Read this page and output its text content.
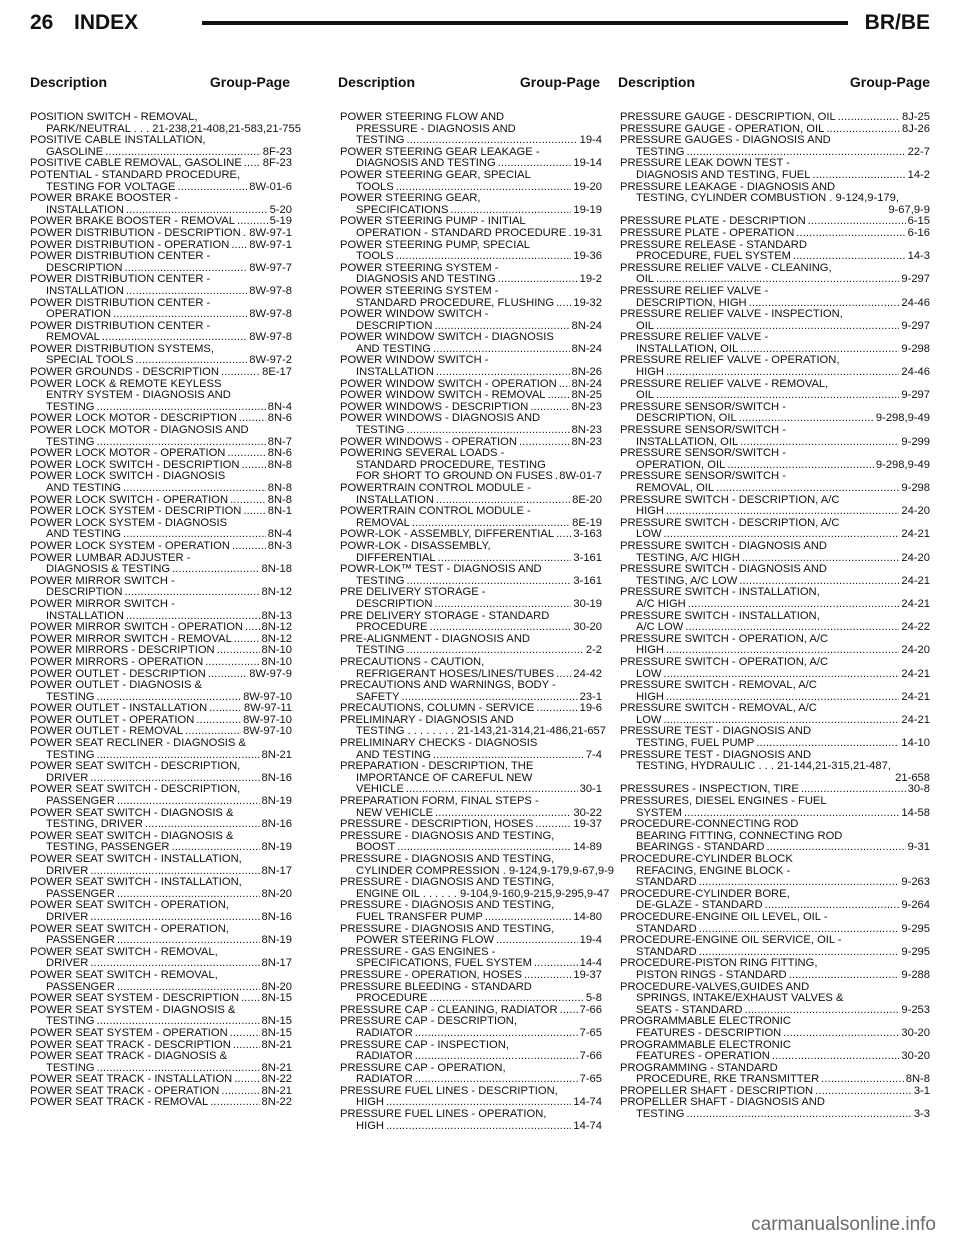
26 INDEX	BR/BE
Description	Group-Page	Description	Group-Page Description	Group-Page
POSITION SWITCH - REMOVAL,
PARK/NEUTRAL . . . 21-238,21-408,21-583,21-755
POSITIVE CABLE INSTALLATION,
GASOLINE . . .	8F-23
POSITIVE CABLE REMOVAL, GASOLINE . . . 8F-23
POTENTIAL - STANDARD PROCEDURE,
TESTING FOR VOLTAGE . . .	8W-01-6
POWER BRAKE BOOSTER -
INSTALLATION . . .	5-20
POWER BRAKE BOOSTER - REMOVAL . . .	5-19
POWER DISTRIBUTION - DESCRIPTION . . . 8W-97-1
POWER DISTRIBUTION - OPERATION . . . 8W-97-1
POWER DISTRIBUTION CENTER -
DESCRIPTION . . .	8W-97-7
POWER DISTRIBUTION CENTER -
INSTALLATION . . .	8W-97-8
POWER DISTRIBUTION CENTER -
OPERATION . . .	8W-97-8
POWER DISTRIBUTION CENTER -
REMOVAL . . .	8W-97-8
POWER DISTRIBUTION SYSTEMS,
SPECIAL TOOLS . . .	8W-97-2
POWER GROUNDS - DESCRIPTION . . .	8E-17
POWER LOCK & REMOTE KEYLESS
ENTRY SYSTEM - DIAGNOSIS AND
TESTING . . .	8N-4
POWER LOCK MOTOR - DESCRIPTION . . .	8N-6
POWER LOCK MOTOR - DIAGNOSIS AND
TESTING . . .	8N-7
POWER LOCK MOTOR - OPERATION . . .	8N-6
POWER LOCK SWITCH - DESCRIPTION . . .	8N-8
POWER LOCK SWITCH - DIAGNOSIS
AND TESTING . . .	8N-8
POWER LOCK SWITCH - OPERATION . . .	8N-8
POWER LOCK SYSTEM - DESCRIPTION . . . 8N-1
POWER LOCK SYSTEM - DIAGNOSIS
AND TESTING . . .	8N-4
POWER LOCK SYSTEM - OPERATION . . .	8N-3
POWER LUMBAR ADJUSTER -
DIAGNOSIS & TESTING . . .	8N-18
POWER MIRROR SWITCH -
DESCRIPTION . . .	8N-12
POWER MIRROR SWITCH -
INSTALLATION . . .	8N-13
POWER MIRROR SWITCH - OPERATION . . . 8N-12
POWER MIRROR SWITCH - REMOVAL . . .	8N-12
POWER MIRRORS - DESCRIPTION . . .	8N-10
POWER MIRRORS - OPERATION . . .	8N-10
POWER OUTLET - DESCRIPTION . . .	8W-97-9
POWER OUTLET - DIAGNOSIS &
TESTING . . .	8W-97-10
POWER OUTLET - INSTALLATION . . .	8W-97-11
POWER OUTLET - OPERATION . . .	8W-97-10
POWER OUTLET - REMOVAL . . .	8W-97-10
POWER SEAT RECLINER - DIAGNOSIS &
TESTING . . .	8N-21
POWER SEAT SWITCH - DESCRIPTION,
DRIVER . . .	8N-16
POWER SEAT SWITCH - DESCRIPTION,
PASSENGER . . .	8N-19
POWER SEAT SWITCH - DIAGNOSIS &
TESTING, DRIVER . . .	8N-16
POWER SEAT SWITCH - DIAGNOSIS &
TESTING, PASSENGER . . .	8N-19
POWER SEAT SWITCH - INSTALLATION,
DRIVER . . .	8N-17
POWER SEAT SWITCH - INSTALLATION,
PASSENGER . . .	8N-20
POWER SEAT SWITCH - OPERATION,
DRIVER . . .	8N-16
POWER SEAT SWITCH - OPERATION,
PASSENGER . . .	8N-19
POWER SEAT SWITCH - REMOVAL,
DRIVER . . .	8N-17
POWER SEAT SWITCH - REMOVAL,
PASSENGER . . .	8N-20
POWER SEAT SYSTEM - DESCRIPTION . . . 8N-15
POWER SEAT SYSTEM - DIAGNOSIS &
TESTING . . .	8N-15
POWER SEAT SYSTEM - OPERATION . . .	8N-15
POWER SEAT TRACK - DESCRIPTION . . .	8N-21
POWER SEAT TRACK - DIAGNOSIS &
TESTING . . .	8N-21
POWER SEAT TRACK - INSTALLATION . . .	8N-22
POWER SEAT TRACK - OPERATION . . .	8N-21
POWER SEAT TRACK - REMOVAL . . .	8N-22
POWER STEERING FLOW AND
PRESSURE - DIAGNOSIS AND
TESTING . . .	19-4
POWER STEERING GEAR LEAKAGE -
DIAGNOSIS AND TESTING . . .	19-14
POWER STEERING GEAR, SPECIAL
TOOLS . . .	19-20
POWER STEERING GEAR,
SPECIFICATIONS . . .	19-19
POWER STEERING PUMP - INITIAL
OPERATION - STANDARD PROCEDURE . . . 19-31
POWER STEERING PUMP, SPECIAL
TOOLS . . .	19-36
POWER STEERING SYSTEM -
DIAGNOSIS AND TESTING . . .	19-2
POWER STEERING SYSTEM -
STANDARD PROCEDURE, FLUSHING . . . 19-32
POWER WINDOW SWITCH -
DESCRIPTION . . .	8N-24
POWER WINDOW SWITCH - DIAGNOSIS
AND TESTING . . .	8N-24
POWER WINDOW SWITCH -
INSTALLATION . . .	8N-26
POWER WINDOW SWITCH - OPERATION . . . 8N-24
POWER WINDOW SWITCH - REMOVAL . . . 8N-25
POWER WINDOWS - DESCRIPTION . . .	8N-23
POWER WINDOWS - DIAGNOSIS AND
TESTING . . .	8N-23
POWER WINDOWS - OPERATION . . .	8N-23
POWERING SEVERAL LOADS -
STANDARD PROCEDURE, TESTING
FOR SHORT TO GROUND ON FUSES . . . 8W-01-7
POWERTRAIN CONTROL MODULE -
INSTALLATION . . .	8E-20
POWERTRAIN CONTROL MODULE -
REMOVAL . . .	8E-19
POWR-LOK - ASSEMBLY, DIFFERENTIAL . . . 3-163
POWR-LOK - DISASSEMBLY,
DIFFERENTIAL . . .	3-161
POWR-LOK™ TEST - DIAGNOSIS AND
TESTING . . .	3-161
PRE DELIVERY STORAGE -
DESCRIPTION . . .	30-19
PRE DELIVERY STORAGE - STANDARD
PROCEDURE . . .	30-20
PRE-ALIGNMENT - DIAGNOSIS AND
TESTING . . .	2-2
PRECAUTIONS - CAUTION,
REFRIGERANT HOSES/LINES/TUBES . . . 24-42
PRECAUTIONS AND WARNINGS, BODY -
SAFETY . . .	23-1
PRECAUTIONS, COLUMN - SERVICE . . .	19-6
PRELIMINARY - DIAGNOSIS AND
TESTING . . . . . . . . 21-143,21-314,21-486,21-657
PRELIMINARY CHECKS - DIAGNOSIS
AND TESTING . . .	7-4
PREPARATION - DESCRIPTION, THE
IMPORTANCE OF CAREFUL NEW
VEHICLE . . .	30-1
PREPARATION FORM, FINAL STEPS -
NEW VEHICLE . . .	30-22
PRESSURE - DESCRIPTION, HOSES . . .	19-37
PRESSURE - DIAGNOSIS AND TESTING,
BOOST . . .	14-89
PRESSURE - DIAGNOSIS AND TESTING,
CYLINDER COMPRESSION . 9-124,9-179,9-67,9-9
PRESSURE - DIAGNOSIS AND TESTING,
ENGINE OIL . . . . . . 9-104,9-160,9-215,9-295,9-47
PRESSURE - DIAGNOSIS AND TESTING,
FUEL TRANSFER PUMP . . .	14-80
PRESSURE - DIAGNOSIS AND TESTING,
POWER STEERING FLOW . . .	19-4
PRESSURE - GAS ENGINES -
SPECIFICATIONS, FUEL SYSTEM . . .	14-4
PRESSURE - OPERATION, HOSES . . .	19-37
PRESSURE BLEEDING - STANDARD
PROCEDURE . . .	5-8
PRESSURE CAP - CLEANING, RADIATOR . . . 7-66
PRESSURE CAP - DESCRIPTION,
RADIATOR . . .	7-65
PRESSURE CAP - INSPECTION,
RADIATOR . . .	7-66
PRESSURE CAP - OPERATION,
RADIATOR . . .	7-65
PRESSURE FUEL LINES - DESCRIPTION,
HIGH . . .	14-74
PRESSURE FUEL LINES - OPERATION,
HIGH . . .	14-74
PRESSURE GAUGE - DESCRIPTION, OIL . . .	8J-25
PRESSURE GAUGE - OPERATION, OIL . . .	8J-26
PRESSURE GAUGES - DIAGNOSIS AND
TESTING . . .	22-7
PRESSURE LEAK DOWN TEST -
DIAGNOSIS AND TESTING, FUEL . . .	14-2
PRESSURE LEAKAGE - DIAGNOSIS AND
TESTING, CYLINDER COMBUSTION . 9-124,9-179,
9-67,9-9
PRESSURE PLATE - DESCRIPTION . . .	6-15
PRESSURE PLATE - OPERATION . . .	6-16
PRESSURE RELEASE - STANDARD
PROCEDURE, FUEL SYSTEM . . .	14-3
PRESSURE RELIEF VALVE - CLEANING,
OIL . . .	9-297
PRESSURE RELIEF VALVE -
DESCRIPTION, HIGH . . .	24-46
PRESSURE RELIEF VALVE - INSPECTION,
OIL . . .	9-297
PRESSURE RELIEF VALVE -
INSTALLATION, OIL . . .	9-298
PRESSURE RELIEF VALVE - OPERATION,
HIGH . . .	24-46
PRESSURE RELIEF VALVE - REMOVAL,
OIL . . .	9-297
PRESSURE SENSOR/SWITCH -
DESCRIPTION, OIL . . .	9-298,9-49
PRESSURE SENSOR/SWITCH -
INSTALLATION, OIL . . .	9-299
PRESSURE SENSOR/SWITCH -
OPERATION, OIL . . .	9-298,9-49
PRESSURE SENSOR/SWITCH -
REMOVAL, OIL . . .	9-298
PRESSURE SWITCH - DESCRIPTION, A/C
HIGH . . .	24-20
PRESSURE SWITCH - DESCRIPTION, A/C
LOW . . .	24-21
PRESSURE SWITCH - DIAGNOSIS AND
TESTING, A/C HIGH . . .	24-20
PRESSURE SWITCH - DIAGNOSIS AND
TESTING, A/C LOW . . .	24-21
PRESSURE SWITCH - INSTALLATION,
A/C HIGH . . .	24-21
PRESSURE SWITCH - INSTALLATION,
A/C LOW . . .	24-22
PRESSURE SWITCH - OPERATION, A/C
HIGH . . .	24-20
PRESSURE SWITCH - OPERATION, A/C
LOW . . .	24-21
PRESSURE SWITCH - REMOVAL, A/C
HIGH . . .	24-21
PRESSURE SWITCH - REMOVAL, A/C
LOW . . .	24-21
PRESSURE TEST - DIAGNOSIS AND
TESTING, FUEL PUMP . . .	14-10
PRESSURE TEST - DIAGNOSIS AND
TESTING, HYDRAULIC . . . 21-144,21-315,21-487,
21-658
PRESSURES - INSPECTION, TIRE . . .	30-8
PRESSURES, DIESEL ENGINES - FUEL
SYSTEM . . .	14-58
PROCEDURE-CONNECTING ROD
BEARING FITTING, CONNECTING ROD
BEARINGS - STANDARD . . .	9-31
PROCEDURE-CYLINDER BLOCK
REFACING, ENGINE BLOCK -
STANDARD . . .	9-263
PROCEDURE-CYLINDER BORE,
DE-GLAZE - STANDARD . . .	9-264
PROCEDURE-ENGINE OIL LEVEL, OIL -
STANDARD . . .	9-295
PROCEDURE-ENGINE OIL SERVICE, OIL -
STANDARD . . .	9-295
PROCEDURE-PISTON RING FITTING,
PISTON RINGS - STANDARD . . .	9-288
PROCEDURE-VALVES,GUIDES AND
SPRINGS, INTAKE/EXHAUST VALVES &
SEATS - STANDARD . . .	9-253
PROGRAMMABLE ELECTRONIC
FEATURES - DESCRIPTION . . .	30-20
PROGRAMMABLE ELECTRONIC
FEATURES - OPERATION . . .	30-20
PROGRAMMING - STANDARD
PROCEDURE, RKE TRANSMITTER . . .	8N-8
PROPELLER SHAFT - DESCRIPTION . . .	3-1
PROPELLER SHAFT - DIAGNOSIS AND
TESTING . . .	3-3
carmanualsonline.info
